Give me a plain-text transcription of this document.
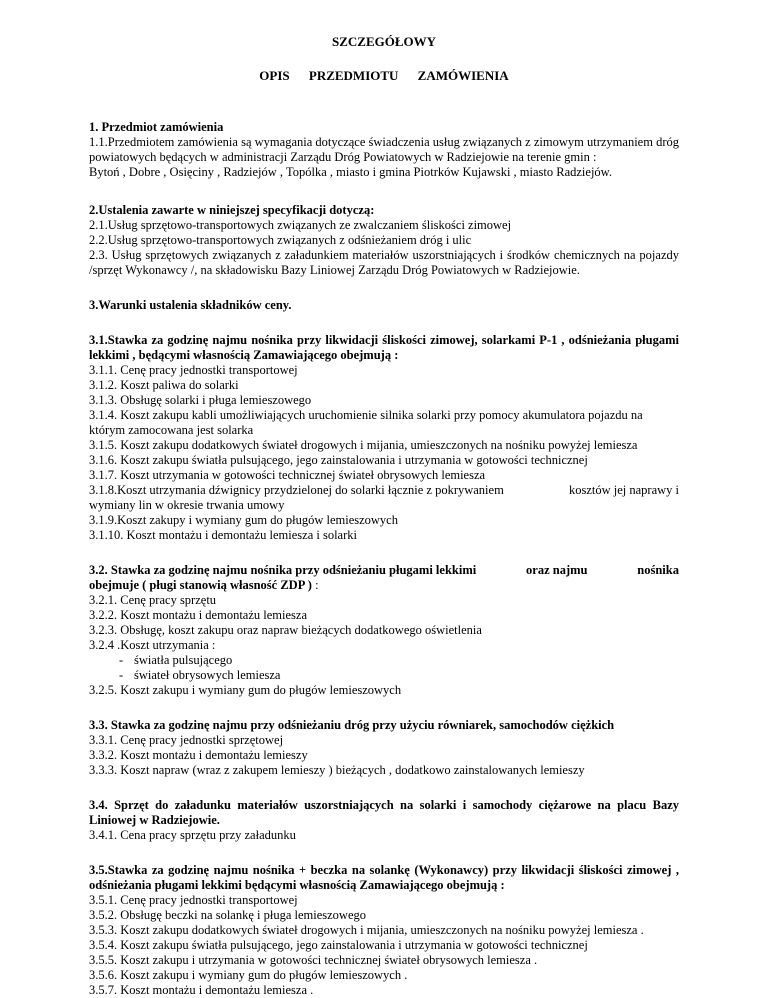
SZCZEGÓŁOWY
OPIS PRZEDMIOTU ZAMÓWIENIA

1. Przedmiot zamówienia

1.1.Przedmiotem zamówienia są wymagania dotyczące świadczenia usług związanych z zimowym utrzymaniem dróg powiatowych będących w administracji Zarządu Dróg Powiatowych w Radziejowie na terenie gmin :

Bytoń , Dobre , Osięciny , Radziejów , Topólka , miasto i gmina Piotrków Kujawski , miasto Radziejów.

2.Ustalenia zawarte w niniejszej specyfikacji dotyczą:

2.1.Usług sprzętowo-transportowych związanych ze zwalczaniem śliskości zimowej

2.2.Usług sprzętowo-transportowych związanych z odśnieżaniem dróg i ulic

2.3. Usług sprzętowych związanych z załadunkiem materiałów uszorstniających i środków chemicznych na pojazdy /sprzęt Wykonawcy /, na składowisku Bazy Liniowej Zarządu Dróg Powiatowych w Radziejowie.

3.Warunki ustalenia składników ceny.

3.1.Stawka za godzinę najmu nośnika przy likwidacji śliskości zimowej, solarkami P-1 , odśnieżania pługami lekkimi , będącymi własnością Zamawiającego obejmują :

3.1.1. Cenę pracy jednostki transportowej

3.1.2. Koszt paliwa do solarki

3.1.3. Obsługę solarki i pługa lemieszowego

3.1.4. Koszt zakupu kabli umożliwiających uruchomienie silnika solarki przy pomocy akumulatora pojazdu na którym zamocowana jest solarka

3.1.5. Koszt zakupu dodatkowych świateł drogowych i mijania, umieszczonych na nośniku powyżej lemiesza

3.1.6. Koszt zakupu światła pulsującego, jego zainstalowania i utrzymania w gotowości technicznej

3.1.7. Koszt utrzymania w gotowości technicznej świateł obrysowych lemiesza

3.1.8.Koszt utrzymania dźwignicy przydzielonej do solarki łącznie z pokrywaniem	kosztów jej naprawy i

wymiany lin w okresie trwania umowy

3.1.9.Koszt zakupy i wymiany gum do pługów lemieszowych

3.1.10. Koszt montażu i demontażu lemiesza i solarki

3.2. Stawka za godzinę najmu nośnika przy odśnieżaniu pługami lekkimi	oraz najmu	nośnika

obejmuje ( pługi stanowią własność ZDP ) :

3.2.1. Cenę pracy sprzętu

3.2.2. Koszt montażu i demontażu lemiesza

3.2.3. Obsługę, koszt zakupu oraz napraw bieżących dodatkowego oświetlenia

3.2.4 .Koszt utrzymania :

- światła pulsującego

- świateł obrysowych lemiesza

3.2.5. Koszt zakupu i wymiany gum do pługów lemieszowych

3.3. Stawka za godzinę najmu przy odśnieżaniu dróg przy użyciu równiarek, samochodów ciężkich

3.3.1. Cenę pracy jednostki sprzętowej

3.3.2. Koszt montażu i demontażu lemieszy

3.3.3. Koszt napraw (wraz z zakupem lemieszy ) bieżących , dodatkowo zainstalowanych lemieszy

3.4. Sprzęt do załadunku materiałów uszorstniających na solarki i samochody ciężarowe na placu Bazy Liniowej w Radziejowie.

3.4.1. Cena pracy sprzętu przy załadunku

3.5.Stawka za godzinę najmu nośnika + beczka na solankę (Wykonawcy) przy likwidacji śliskości zimowej , odśnieżania pługami lekkimi będącymi własnością Zamawiającego obejmują :

3.5.1. Cenę pracy jednostki transportowej

3.5.2. Obsługę beczki na solankę i pługa lemieszowego

3.5.3. Koszt zakupu dodatkowych świateł drogowych i mijania, umieszczonych na nośniku powyżej lemiesza .

3.5.4. Koszt zakupu światła pulsującego, jego zainstalowania i utrzymania w gotowości technicznej

3.5.5. Koszt zakupu i utrzymania w gotowości technicznej świateł obrysowych lemiesza .

3.5.6. Koszt zakupu i wymiany gum do pługów lemieszowych .

3.5.7. Koszt montażu i demontażu lemiesza .
